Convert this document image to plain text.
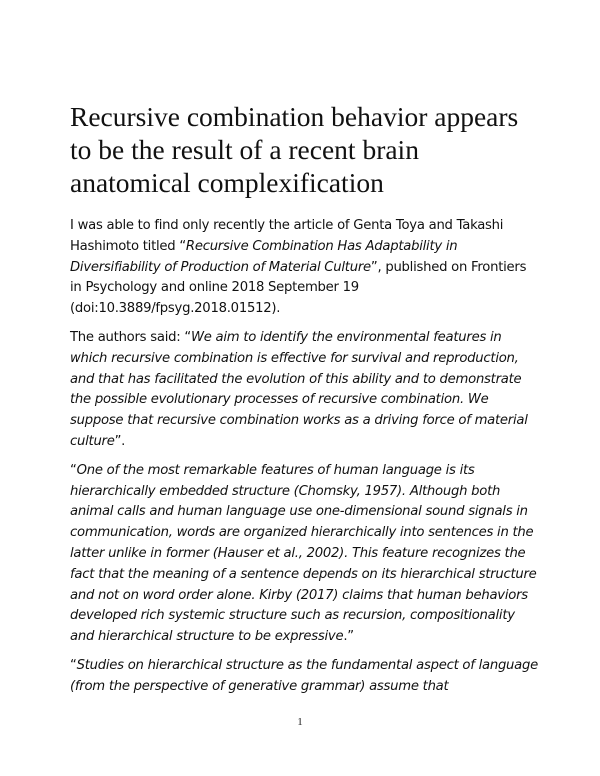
Recursive combination behavior appears to be the result of a recent brain anatomical complexification

I was able to find only recently the article of Genta Toya and Takashi Hashimoto titled “Recursive Combination Has Adaptability in Diversifiability of Production of Material Culture”, published on Frontiers in Psychology and online 2018 September 19 (doi:10.3889/fpsyg.2018.01512).

The authors said: “We aim to identify the environmental features in which recursive combination is effective for survival and reproduction, and that has facilitated the evolution of this ability and to demonstrate the possible evolutionary processes of recursive combination. We suppose that recursive combination works as a driving force of material culture”.

“One of the most remarkable features of human language is its hierarchically embedded structure (Chomsky, 1957). Although both animal calls and human language use one-dimensional sound signals in communication, words are organized hierarchically into sentences in the latter unlike in former (Hauser et al., 2002). This feature recognizes the fact that the meaning of a sentence depends on its hierarchical structure and not on word order alone. Kirby (2017) claims that human behaviors developed rich systemic structure such as recursion, compositionality and hierarchical structure to be expressive.”

“Studies on hierarchical structure as the fundamental aspect of language (from the perspective of generative grammar) assume that

1
